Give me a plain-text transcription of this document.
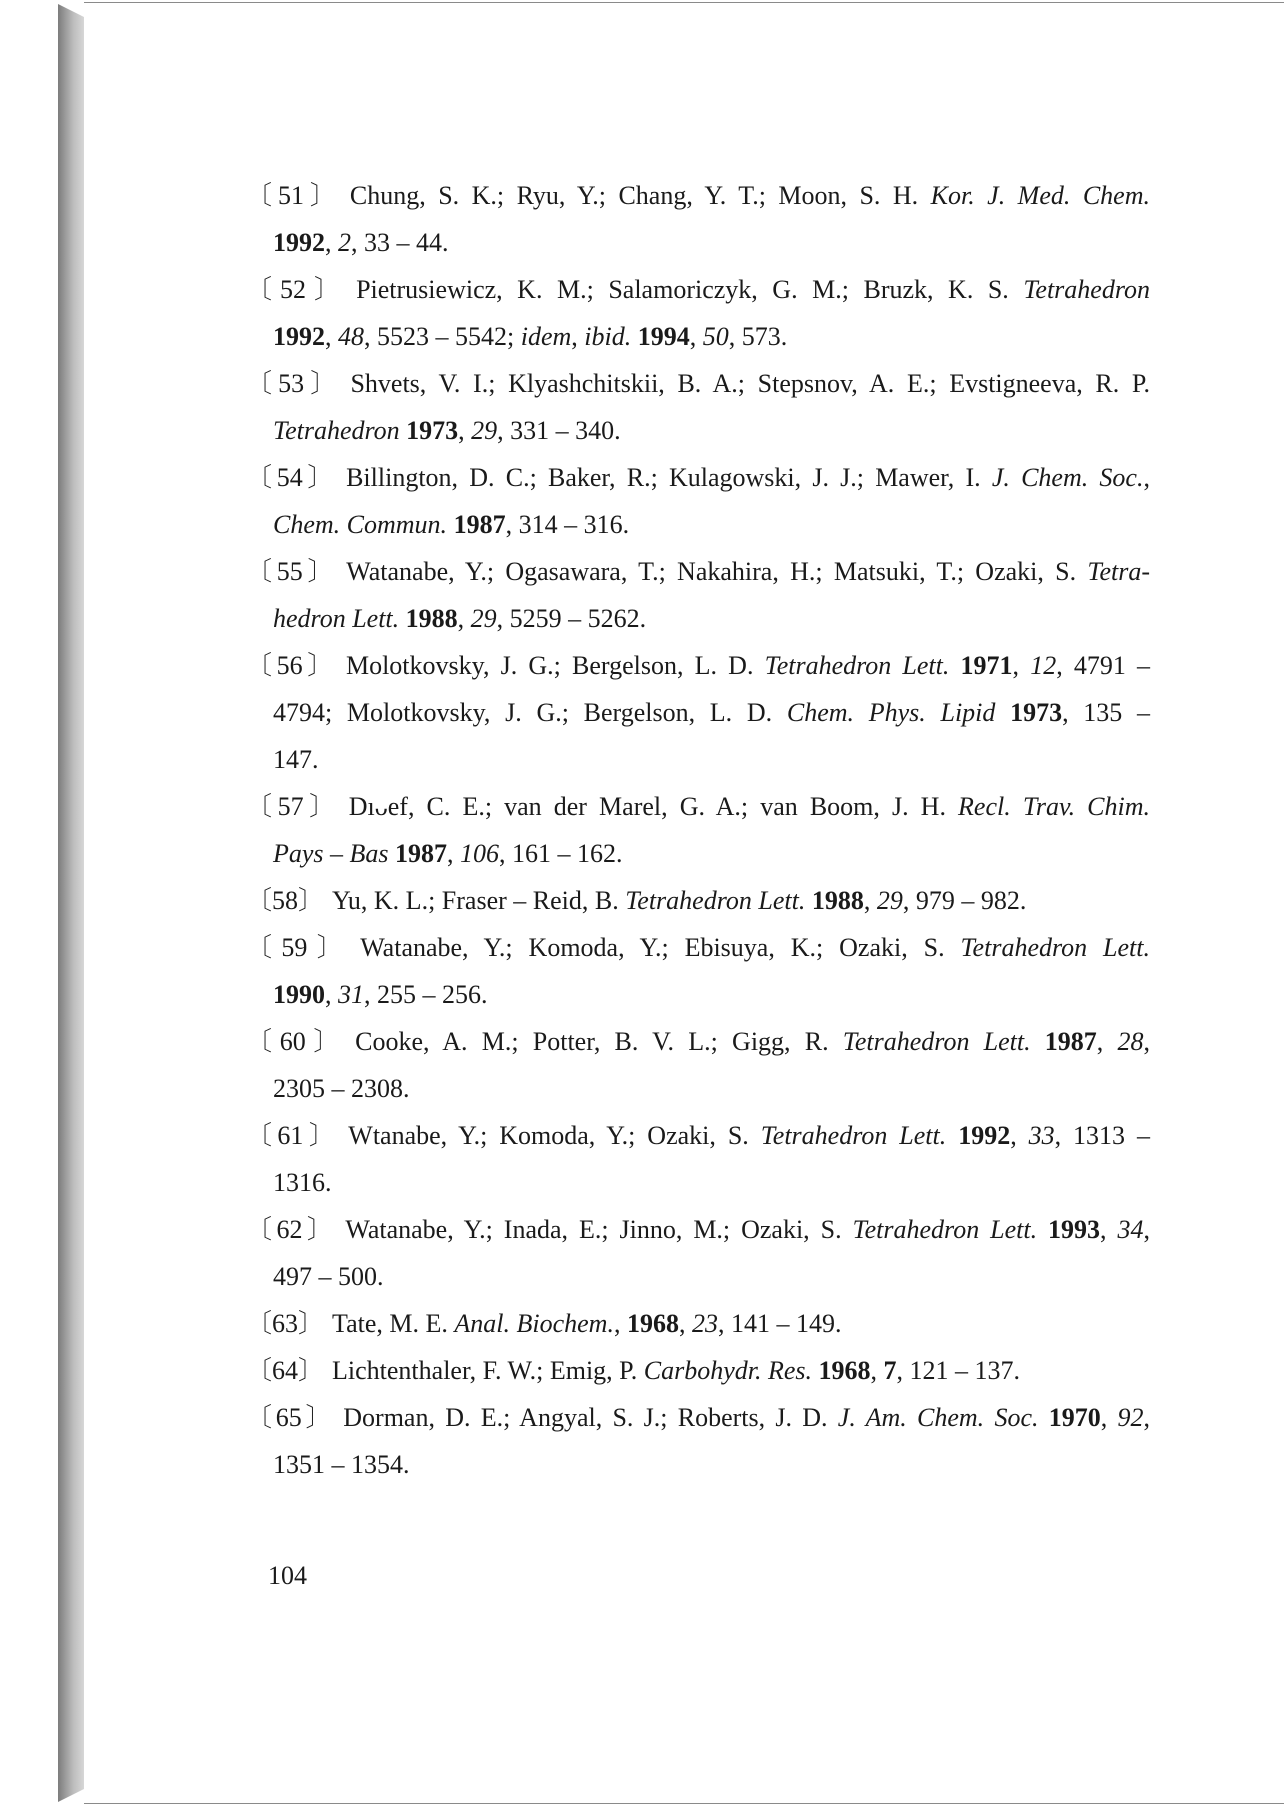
〔51〕 Chung, S. K.; Ryu, Y.; Chang, Y. T.; Moon, S. H. Kor. J. Med. Chem.
1992, 2, 33 – 44.
〔52〕 Pietrusiewicz, K. M.; Salamoriczyk, G. M.; Bruzk, K. S. Tetrahedron
1992, 48, 5523 – 5542; idem, ibid. 1994, 50, 573.
〔53〕 Shvets, V. I.; Klyashchitskii, B. A.; Stepsnov, A. E.; Evstigneeva, R. P.
Tetrahedron 1973, 29, 331 – 340.
〔54〕 Billington, D. C.; Baker, R.; Kulagowski, J. J.; Mawer, I. J. Chem. Soc.,
Chem. Commun. 1987, 314 – 316.
〔55〕 Watanabe, Y.; Ogasawara, T.; Nakahira, H.; Matsuki, T.; Ozaki, S. Tetra-
hedron Lett. 1988, 29, 5259 – 5262.
〔56〕 Molotkovsky, J. G.; Bergelson, L. D. Tetrahedron Lett. 1971, 12, 4791 –
4794; Molotkovsky, J. G.; Bergelson, L. D. Chem. Phys. Lipid 1973, 135 –
147.
〔57〕 Dıᴗef, C. E.; van der Marel, G. A.; van Boom, J. H. Recl. Trav. Chim.
Pays – Bas 1987, 106, 161 – 162.
〔58〕 Yu, K. L.; Fraser – Reid, B. Tetrahedron Lett. 1988, 29, 979 – 982.
〔59〕 Watanabe, Y.; Komoda, Y.; Ebisuya, K.; Ozaki, S. Tetrahedron Lett.
1990, 31, 255 – 256.
〔60〕 Cooke, A. M.; Potter, B. V. L.; Gigg, R. Tetrahedron Lett. 1987, 28,
2305 – 2308.
〔61〕 Wtanabe, Y.; Komoda, Y.; Ozaki, S. Tetrahedron Lett. 1992, 33, 1313 –
1316.
〔62〕 Watanabe, Y.; Inada, E.; Jinno, M.; Ozaki, S. Tetrahedron Lett. 1993, 34,
497 – 500.
〔63〕 Tate, M. E. Anal. Biochem., 1968, 23, 141 – 149.
〔64〕 Lichtenthaler, F. W.; Emig, P. Carbohydr. Res. 1968, 7, 121 – 137.
〔65〕 Dorman, D. E.; Angyal, S. J.; Roberts, J. D. J. Am. Chem. Soc. 1970, 92,
1351 – 1354.
104
